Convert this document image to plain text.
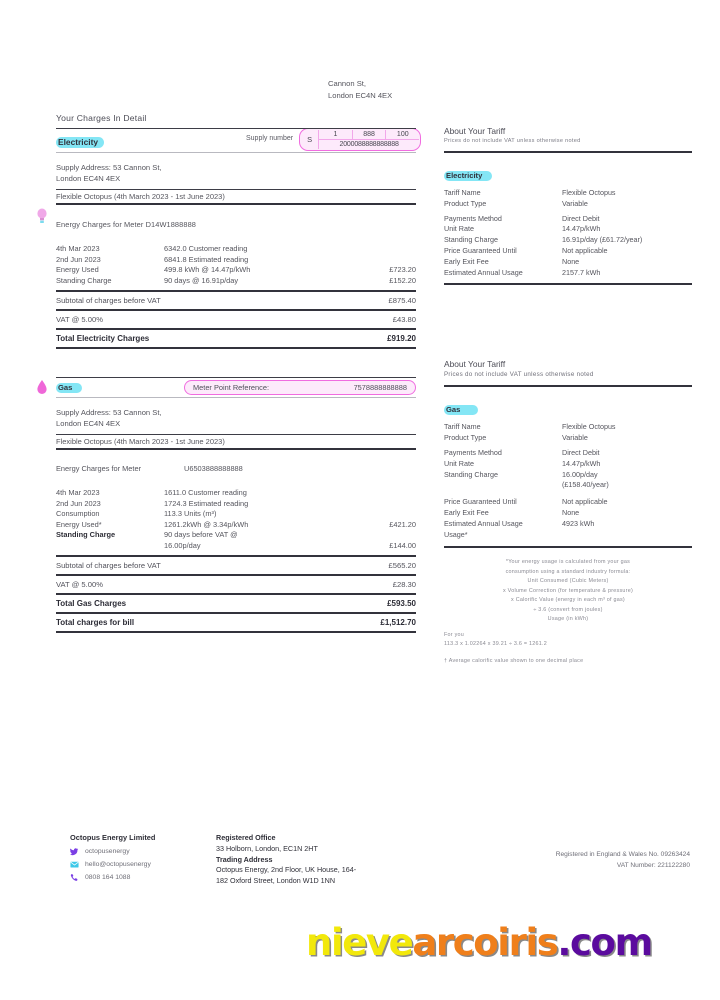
Cannon St,
London EC4N 4EX
Your Charges In Detail
Supply number	S
1	888	100
2000088888888888
Electricity
Supply Address: 53 Cannon St,
London EC4N 4EX
Flexible Octopus (4th March 2023 - 1st June 2023)
Energy Charges for Meter D14W1888888
4th Mar 2023	6342.0 Customer reading
2nd Jun 2023	6841.8 Estimated reading
Energy Used	499.8 kWh @ 14.47p/kWh	£723.20
Standing Charge	90 days @ 16.91p/day	£152.20
Subtotal of charges before VAT	£875.40
VAT @ 5.00%	£43.80
Total Electricity Charges	£919.20
Gas	Meter Point Reference:	7578888888888
Supply Address: 53 Cannon St,
London EC4N 4EX
Flexible Octopus (4th March 2023 - 1st June 2023)
Energy Charges for Meter	U6503888888888
4th Mar 2023	1611.0 Customer reading
2nd Jun 2023	1724.3 Estimated reading
Consumption	113.3 Units (m³)
Energy Used*	1261.2kWh @ 3.34p/kWh	£421.20
Standing Charge	90 days before VAT @
16.00p/day	£144.00
Subtotal of charges before VAT	£565.20
VAT @ 5.00%	£28.30
Total Gas Charges	£593.50
Total charges for bill	£1,512.70
About Your Tariff
Prices do not include VAT unless otherwise noted
Electricity
Tariff Name	Flexible Octopus
Product Type	Variable
Payments Method	Direct Debit
Unit Rate	14.47p/kWh
Standing Charge	16.91p/day (£61.72/year)
Price Guaranteed Until	Not applicable
Early Exit Fee	None
Estimated Annual Usage	2157.7 kWh
About Your Tariff
Prices do not include VAT unless otherwise noted
Gas
Tariff Name	Flexible Octopus
Product Type	Variable
Payments Method	Direct Debit
Unit Rate	14.47p/kWh
Standing Charge	16.00p/day
(£158.40/year)
Price Guaranteed Until	Not applicable
Early Exit Fee	None
Estimated Annual Usage	4923 kWh
Usage*
*Your energy usage is calculated from your gas
consumption using a standard industry formula:
Unit Consumed (Cubic Meters)
x Volume Correction (for temperature & pressure)
x Calorific Value (energy in each m³ of gas)
÷ 3.6 (convert from joules)
Usage (in kWh)
For you
113.3 x 1.02264 x 39.21 ÷ 3.6 = 1261.2
† Average calorific value shown to one decimal place
Octopus Energy Limited
octopusenergy
hello@octopusenergy
0808 164 1088
Registered Office
33 Holborn, London, EC1N 2HT
Trading Address
Octopus Energy, 2nd Floor, UK House, 164-
182 Oxford Street, London W1D 1NN
Registered in England & Wales No. 09263424
VAT Number: 221122280
nievearcoiris.com
